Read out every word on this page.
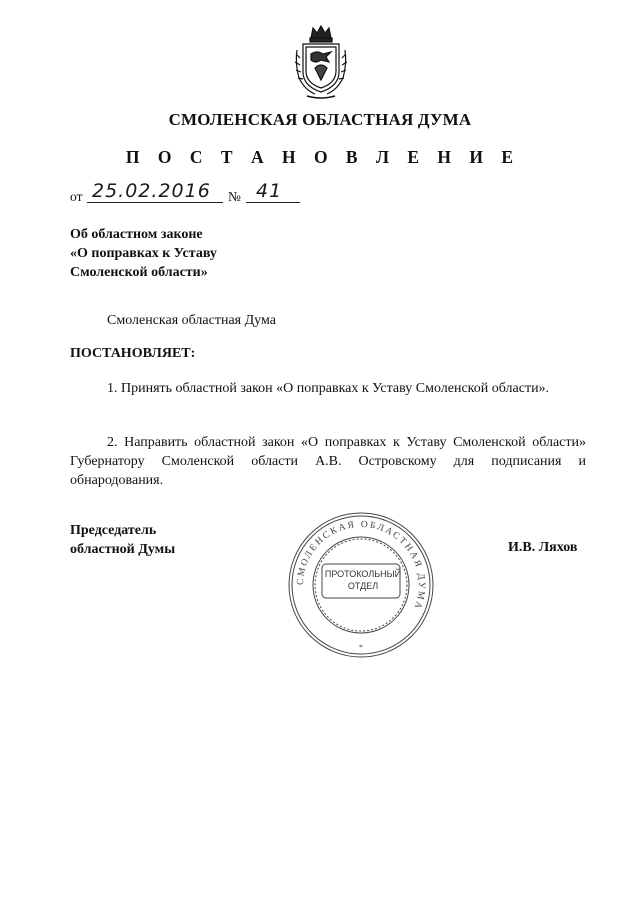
СМОЛЕНСКАЯ ОБЛАСТНАЯ ДУМА
П О С Т А Н О В Л Е Н И Е
от 25.02.2016 № 41
Об областном законе
«О поправках к Уставу
Смоленской области»
Смоленская областная Дума
ПОСТАНОВЛЯЕТ:
1. Принять областной закон «О поправках к Уставу Смоленской области».
2. Направить областной закон «О поправках к Уставу Смоленской области» Губернатору Смоленской области А.В. Островскому для подписания и обнародования.
Председатель
областной Думы
СМОЛЕНСКАЯ ОБЛАСТНАЯ ДУМА
*
ПРОТОКОЛЬНЫЙ
ОТДЕЛ
И.В. Ляхов
